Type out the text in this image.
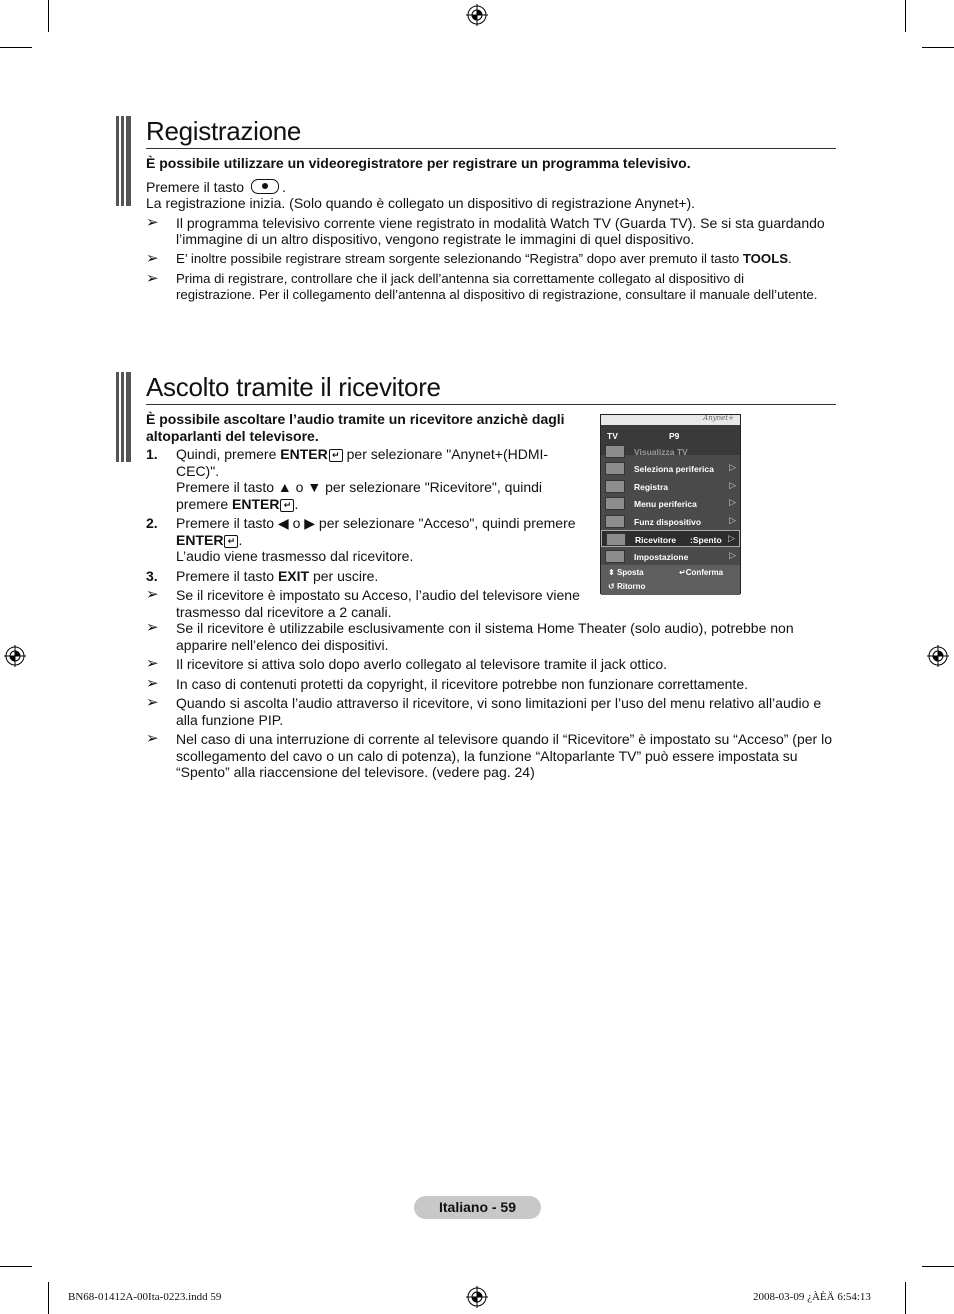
Registrazione
È possibile utilizzare un videoregistratore per registrare un programma televisivo.
Premere il tasto	.
La registrazione inizia. (Solo quando è collegato un dispositivo di registrazione Anynet+).
➢ Il programma televisivo corrente viene registrato in modalità Watch TV (Guarda TV). Se si sta guardando l’immagine di un altro dispositivo, vengono registrate le immagini di quel dispositivo.
➢ E’ inoltre possibile registrare stream sorgente selezionando “Registra” dopo aver premuto il tasto TOOLS.
➢ Prima di registrare, controllare che il jack dell’antenna sia correttamente collegato al dispositivo di registrazione. Per il collegamento dell’antenna al dispositivo di registrazione, consultare il manuale dell’utente.
Ascolto tramite il ricevitore
È possibile ascoltare l’audio tramite un ricevitore anzichè dagli altoparlanti del televisore.
1. Quindi, premere ENTER ↵ per selezionare "Anynet+(HDMI-CEC)".
Premere il tasto ▲ o ▼ per selezionare "Ricevitore", quindi premere ENTER ↵ .
2. Premere il tasto ◀ o ▶ per selezionare "Acceso", quindi premere ENTER ↵ .
L’audio viene trasmesso dal ricevitore.
3. Premere il tasto EXIT per uscire.
➢ Se il ricevitore è impostato su Acceso, l’audio del televisore viene trasmesso dal ricevitore a 2 canali.
➢ Se il ricevitore è utilizzabile esclusivamente con il sistema Home Theater (solo audio), potrebbe non apparire nell’elenco dei dispositivi.
➢ Il ricevitore si attiva solo dopo averlo collegato al televisore tramite il jack ottico.
➢ In caso di contenuti protetti da copyright, il ricevitore potrebbe non funzionare correttamente.
➢ Quando si ascolta l’audio attraverso il ricevitore, vi sono limitazioni per l’uso del menu relativo all’audio e alla funzione PIP.
➢ Nel caso di una interruzione di corrente al televisore quando il “Ricevitore” è impostato su “Acceso” (per lo scollegamento del cavo o un calo di potenza), la funzione “Altoparlante TV” può essere impostata su “Spento” alla riaccensione del televisore. (vedere pag. 24)
Anynet+
TV	P9
Visualizza TV
Seleziona periferica ▷
Registra	▷
Menu periferica	▷
Funz dispositivo	▷
Ricevitore :Spento ▷
Impostazione	▷
⬍ Sposta	↵Conferma
↺ Ritorno
Italiano - 59
BN68-01412A-00Ita-0223.indd 59	2008-03-09 ¿ÀÈÄ 6:54:13
